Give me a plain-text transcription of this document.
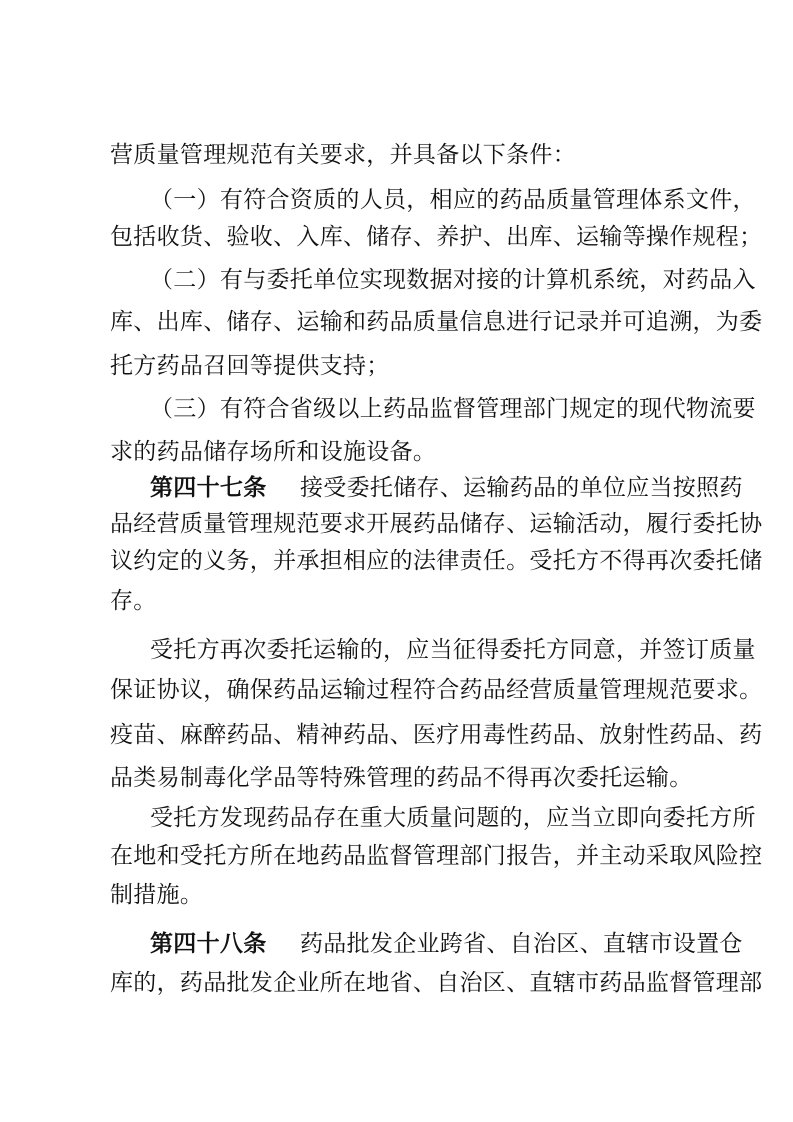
营质量管理规范有关要求，并具备以下条件：
（一）有符合资质的人员，相应的药品质量管理体系文件，
包括收货、验收、入库、储存、养护、出库、运输等操作规程；
（二）有与委托单位实现数据对接的计算机系统，对药品入
库、出库、储存、运输和药品质量信息进行记录并可追溯，为委
托方药品召回等提供支持；
（三）有符合省级以上药品监督管理部门规定的现代物流要
求的药品储存场所和设施设备。
第四十七条 接受委托储存、运输药品的单位应当按照药
品经营质量管理规范要求开展药品储存、运输活动，履行委托协
议约定的义务，并承担相应的法律责任。受托方不得再次委托储
存。
受托方再次委托运输的，应当征得委托方同意，并签订质量
保证协议，确保药品运输过程符合药品经营质量管理规范要求。
疫苗、麻醉药品、精神药品、医疗用毒性药品、放射性药品、药
品类易制毒化学品等特殊管理的药品不得再次委托运输。
受托方发现药品存在重大质量问题的，应当立即向委托方所
在地和受托方所在地药品监督管理部门报告，并主动采取风险控
制措施。
第四十八条 药品批发企业跨省、自治区、直辖市设置仓
库的，药品批发企业所在地省、自治区、直辖市药品监督管理部
